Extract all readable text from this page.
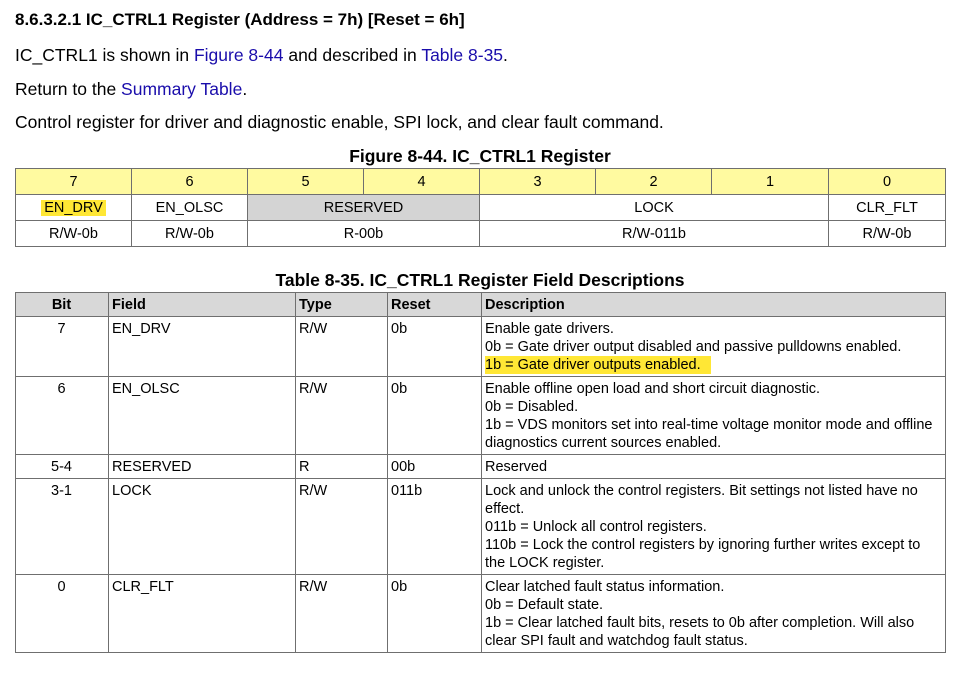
8.6.3.2.1 IC_CTRL1 Register (Address = 7h) [Reset = 6h]
IC_CTRL1 is shown in Figure 8-44 and described in Table 8-35.
Return to the Summary Table.
Control register for driver and diagnostic enable, SPI lock, and clear fault command.
Figure 8-44. IC_CTRL1 Register
7	6	5	4	3	2	1	0
EN_DRV	EN_OLSC	RESERVED		LOCK			CLR_FLT
R/W-0b	R/W-0b	R-00b		R/W-011b			R/W-0b
Table 8-35. IC_CTRL1 Register Field Descriptions
Bit	Field	Type	Reset	Description
7	EN_DRV	R/W	0b	Enable gate drivers.
0b = Gate driver output disabled and passive pulldowns enabled.
1b = Gate driver outputs enabled.
6	EN_OLSC	R/W	0b	Enable offline open load and short circuit diagnostic.
0b = Disabled.
1b = VDS monitors set into real-time voltage monitor mode and offline diagnostics current sources enabled.

5-4	RESERVED	R	00b	Reserved

3-1	LOCK	R/W	011b	Lock and unlock the control registers. Bit settings not listed have no effect.
011b = Unlock all control registers.
110b = Lock the control registers by ignoring further writes except to the LOCK register.

0	CLR_FLT	R/W	0b	Clear latched fault status information.
0b = Default state.
1b = Clear latched fault bits, resets to 0b after completion. Will also clear SPI fault and watchdog fault status.
